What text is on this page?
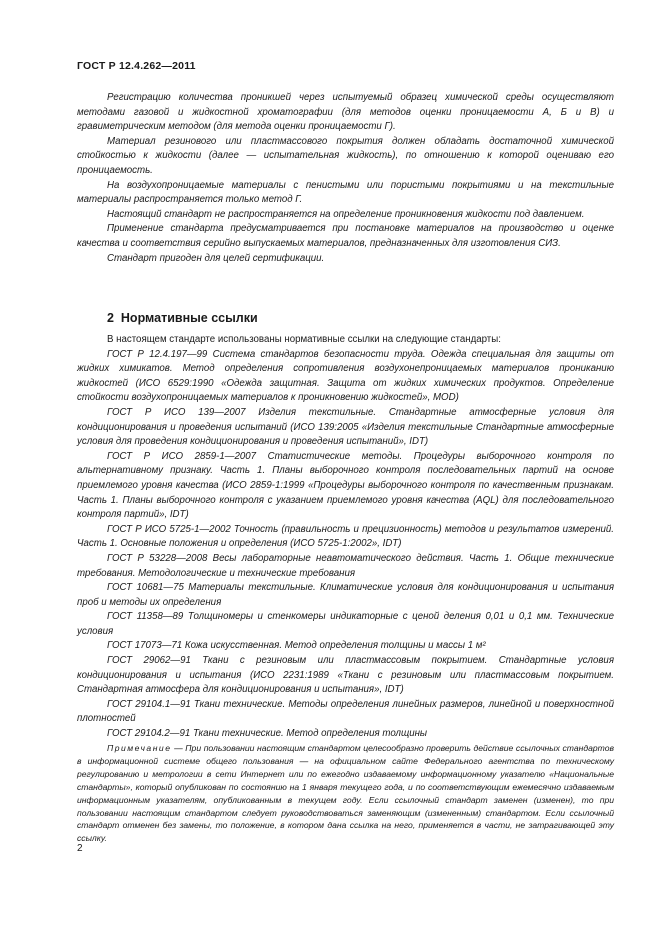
ГОСТ Р 12.4.262—2011

Регистрацию количества проникшей через испытуемый образец химической среды осуществляют методами газовой и жидкостной хроматографии (для методов оценки проницаемости А, Б и В) и гравиметрическим методом (для метода оценки проницаемости Г).

Материал резинового или пластмассового покрытия должен обладать достаточной химической стойкостью к жидкости (далее — испытательная жидкость), по отношению к которой оцениваю его проницаемость.

На воздухопроницаемые материалы с пенистыми или пористыми покрытиями и на текстильные материалы распространяется только метод Г.

Настоящий стандарт не распространяется на определение проникновения жидкости под давлением.

Применение стандарта предусматривается при постановке материалов на производство и оценке качества и соответствия серийно выпускаемых материалов, предназначенных для изготовления СИЗ.

Стандарт пригоден для целей сертификации.

2 Нормативные ссылки

В настоящем стандарте использованы нормативные ссылки на следующие стандарты:

ГОСТ Р 12.4.197—99 Система стандартов безопасности труда. Одежда специальная для защиты от жидких химикатов. Метод определения сопротивления воздухонепроницаемых материалов прониканию жидкостей (ИСО 6529:1990 «Одежда защитная. Защита от жидких химических продуктов. Определение стойкости воздухопроницаемых материалов к проникновению жидкостей», MOD)

ГОСТ Р ИСО 139—2007 Изделия текстильные. Стандартные атмосферные условия для кондиционирования и проведения испытаний (ИСО 139:2005 «Изделия текстильные Стандартные атмосферные условия для проведения кондиционирования и проведения испытаний», IDT)

ГОСТ Р ИСО 2859-1—2007 Статистические методы. Процедуры выборочного контроля по альтернативному признаку. Часть 1. Планы выборочного контроля последовательных партий на основе приемлемого уровня качества (ИСО 2859-1:1999 «Процедуры выборочного контроля по качественным признакам. Часть 1. Планы выборочного контроля с указанием приемлемого уровня качества (AQL) для последовательного контроля партий», IDT)

ГОСТ Р ИСО 5725-1—2002 Точность (правильность и прецизионность) методов и результатов измерений. Часть 1. Основные положения и определения (ИСО 5725-1:2002», IDT)

ГОСТ Р 53228—2008 Весы лабораторные неавтоматического действия. Часть 1. Общие технические требования. Методологические и технические требования

ГОСТ 10681—75 Материалы текстильные. Климатические условия для кондиционирования и испытания проб и методы их определения

ГОСТ 11358—89 Толщиномеры и стенкомеры индикаторные с ценой деления 0,01 и 0,1 мм. Технические условия

ГОСТ 17073—71 Кожа искусственная. Метод определения толщины и массы 1 м²

ГОСТ 29062—91 Ткани с резиновым или пластмассовым покрытием. Стандартные условия кондиционирования и испытания (ИСО 2231:1989 «Ткани с резиновым или пластмассовым покрытием. Стандартная атмосфера для кондиционирования и испытания», IDT)

ГОСТ 29104.1—91 Ткани технические. Методы определения линейных размеров, линейной и поверхностной плотностей

ГОСТ 29104.2—91 Ткани технические. Метод определения толщины

Примечание — При пользовании настоящим стандартом целесообразно проверить действие ссылочных стандартов в информационной системе общего пользования — на официальном сайте Федерального агентства по техническому регулированию и метрологии в сети Интернет или по ежегодно издаваемому информационному указателю «Национальные стандарты», который опубликован по состоянию на 1 января текущего года, и по соответствующим ежемесячно издаваемым информационным указателям, опубликованным в текущем году. Если ссылочный стандарт заменен (изменен), то при пользовании настоящим стандартом следует руководствоваться заменяющим (измененным) стандартом. Если ссылочный стандарт отменен без замены, то положение, в котором дана ссылка на него, применяется в части, не затрагивающей эту ссылку.

2
